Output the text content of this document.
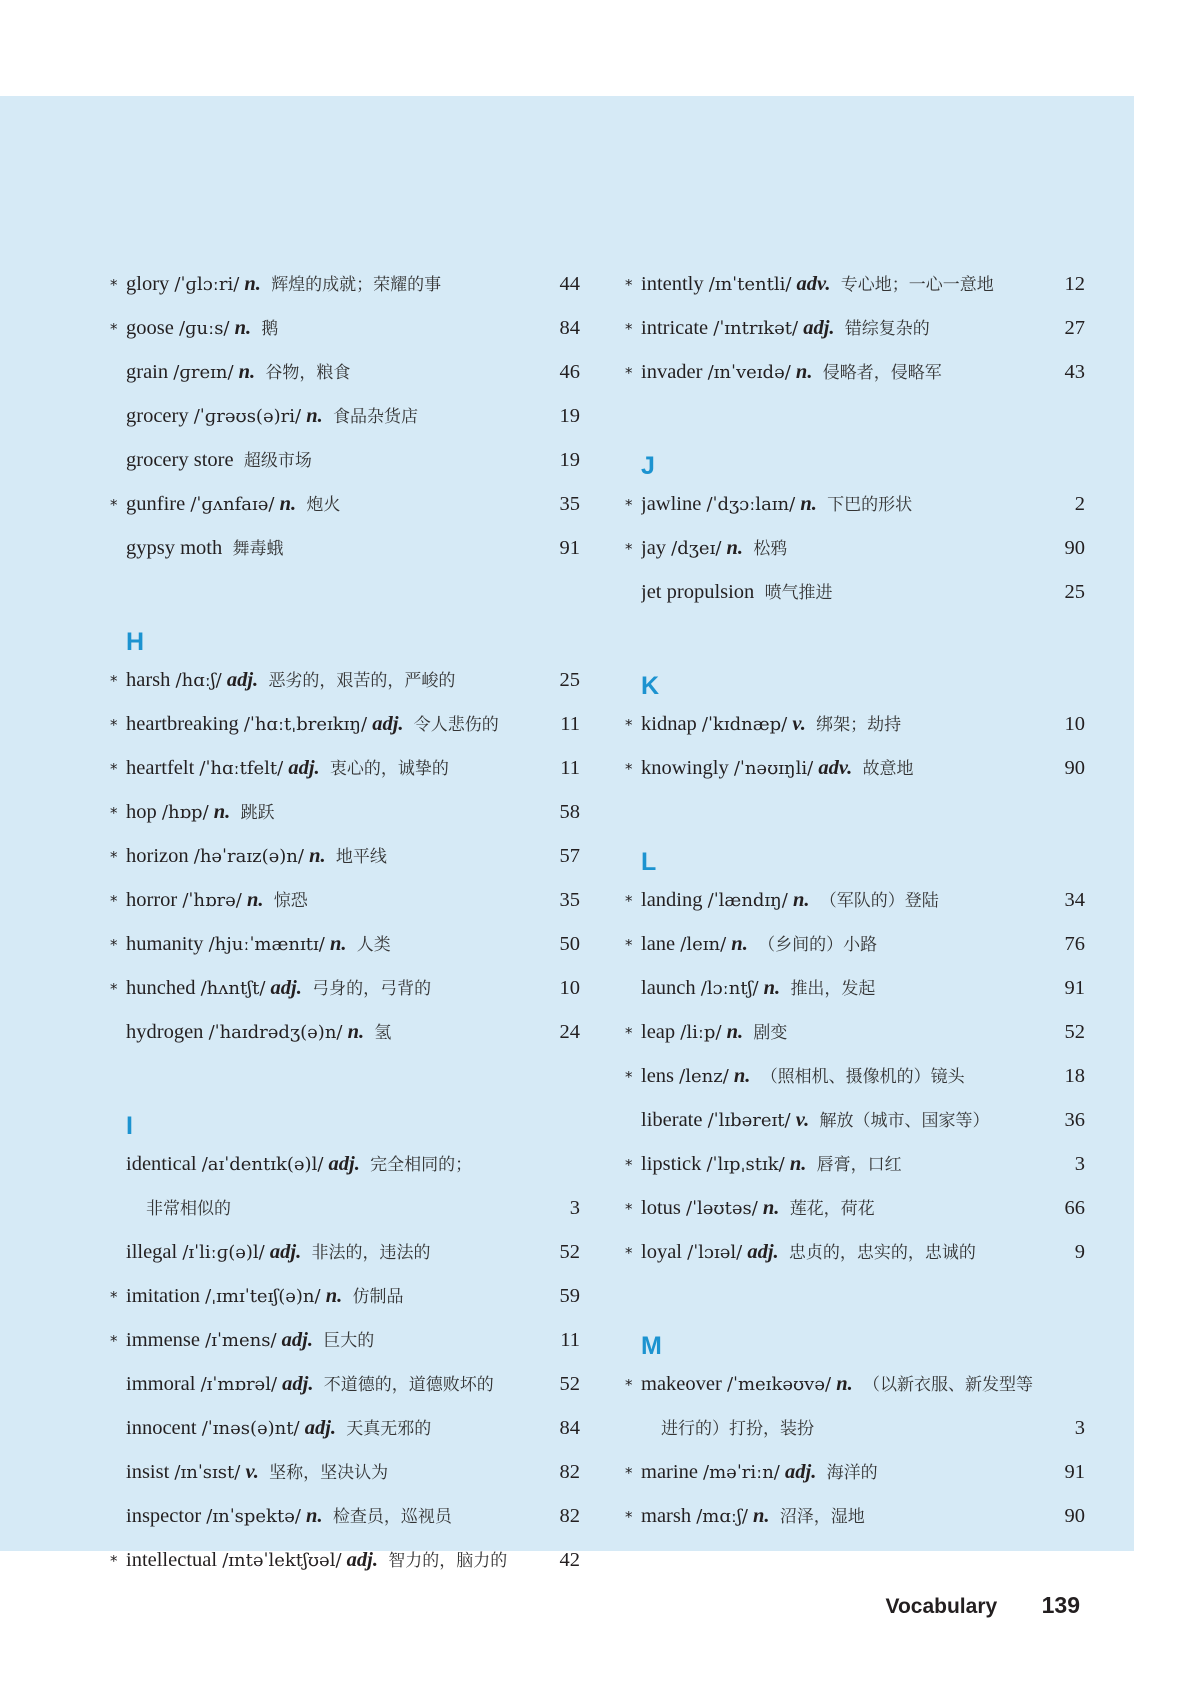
* glory /ˈɡlɔːri/ n. 辉煌的成就；荣耀的事	44
* goose /ɡuːs/ n. 鹅	84
grain /ɡreɪn/ n. 谷物，粮食	46
grocery /ˈɡrəʊs(ə)ri/ n. 食品杂货店	19
grocery store 超级市场	19
* gunfire /ˈɡʌnfaɪə/ n. 炮火	35
gypsy moth 舞毒蛾	91
H
* harsh /hɑːʃ/ adj. 恶劣的，艰苦的，严峻的	25
* heartbreaking /ˈhɑːtˌbreɪkɪŋ/ adj. 令人悲伤的	11
* heartfelt /ˈhɑːtfelt/ adj. 衷心的，诚挚的	11
* hop /hɒp/ n. 跳跃	58
* horizon /həˈraɪz(ə)n/ n. 地平线	57
* horror /ˈhɒrə/ n. 惊恐	35
* humanity /hjuːˈmænɪtɪ/ n. 人类	50
* hunched /hʌntʃt/ adj. 弓身的，弓背的	10
hydrogen /ˈhaɪdrədʒ(ə)n/ n. 氢	24
I
identical /aɪˈdentɪk(ə)l/ adj. 完全相同的；
非常相似的	3
illegal /ɪˈliːɡ(ə)l/ adj. 非法的，违法的	52
* imitation /ˌɪmɪˈteɪʃ(ə)n/ n. 仿制品	59
* immense /ɪˈmens/ adj. 巨大的	11
immoral /ɪˈmɒrəl/ adj. 不道德的，道德败坏的	52
innocent /ˈɪnəs(ə)nt/ adj. 天真无邪的	84
insist /ɪnˈsɪst/ v. 坚称，坚决认为	82
inspector /ɪnˈspektə/ n. 检查员，巡视员	82
* intellectual /ɪntəˈlektʃʊəl/ adj. 智力的，脑力的	42
* intently /ɪnˈtentli/ adv. 专心地；一心一意地	12
* intricate /ˈɪntrɪkət/ adj. 错综复杂的	27
* invader /ɪnˈveɪdə/ n. 侵略者，侵略军	43
J
* jawline /ˈdʒɔːlaɪn/ n. 下巴的形状	2
* jay /dʒeɪ/ n. 松鸦	90
jet propulsion 喷气推进	25
K
* kidnap /ˈkɪdnæp/ v. 绑架；劫持	10
* knowingly /ˈnəʊɪŋli/ adv. 故意地	90
L
* landing /ˈlændɪŋ/ n. （军队的）登陆	34
* lane /leɪn/ n. （乡间的）小路	76
launch /lɔːntʃ/ n. 推出，发起	91
* leap /liːp/ n. 剧变	52
* lens /lenz/ n. （照相机、摄像机的）镜头	18
liberate /ˈlɪbəreɪt/ v. 解放（城市、国家等）	36
* lipstick /ˈlɪpˌstɪk/ n. 唇膏，口红	3
* lotus /ˈləʊtəs/ n. 莲花，荷花	66
* loyal /ˈlɔɪəl/ adj. 忠贞的，忠实的，忠诚的	9
M
* makeover /ˈmeɪkəʊvə/ n. （以新衣服、新发型等
进行的）打扮，装扮	3
* marine /məˈriːn/ adj. 海洋的	91
* marsh /mɑːʃ/ n. 沼泽，湿地	90
Vocabulary 139
